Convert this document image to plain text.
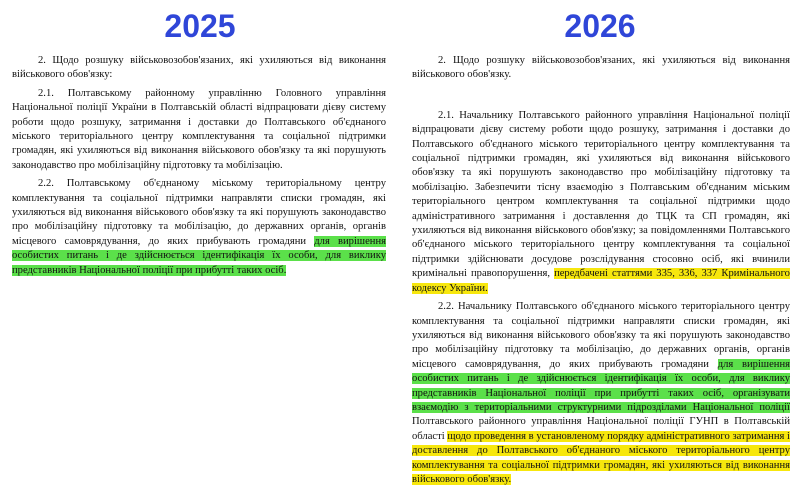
2025

2. Щодо розшуку військовозобов'язаних, які ухиляються від виконання військового обов'язку:

2.1. Полтавському районному управлінню Головного управління Національної поліції України в Полтавській області відпрацювати дієву систему роботи щодо розшуку, затримання і доставки до Полтавського об'єднаного міського територіального центру комплектування та соціальної підтримки громадян, які ухиляються від виконання військового обов'язку та які порушують законодавство про мобілізаційну підготовку та мобілізацію.

2.2. Полтавському об'єднаному міському територіальному центру комплектування та соціальної підтримки направляти списки громадян, які ухиляються від виконання військового обов'язку та які порушують законодавство про мобілізаційну підготовку та мобілізацію, до державних органів, органів місцевого самоврядування, до яких прибувають громадяни для вирішення особистих питань і де здійснюється ідентифікація їх особи, для виклику представників Національної поліції при прибутті таких осіб.

2026

2. Щодо розшуку військовозобов'язаних, які ухиляються від виконання військового обов'язку.

2.1. Начальнику Полтавського районного управління Національної поліції відпрацювати дієву систему роботи щодо розшуку, затримання і доставки до Полтавського об'єднаного міського територіального центру комплектування та соціальної підтримки громадян, які ухиляються від виконання військового обов'язку та які порушують законодавство про мобілізаційну підготовку та мобілізацію. Забезпечити тісну взаємодію з Полтавським об'єднаним міським територіального центром комплектування та соціальної підтримки щодо адміністративного затримання і доставлення до ТЦК та СП громадян, які ухиляються від виконання військового обов'язку; за повідомленнями Полтавського об'єднаного міського територіального центру комплектування та соціальної підтримки здійснювати досудове розслідування стосовно осіб, які вчинили кримінальні правопорушення, передбачені статтями 335, 336, 337 Кримінального кодексу України.

2.2. Начальнику Полтавського об'єднаного міського територіального центру комплектування та соціальної підтримки направляти списки громадян, які ухиляються від виконання військового обов'язку та які порушують законодавство про мобілізаційну підготовку та мобілізацію, до державних органів, органів місцевого самоврядування, до яких прибувають громадяни для вирішення особистих питань і де здійснюється ідентифікація їх особи, для виклику представників Національної поліції при прибутті таких осіб, організувати взаємодію з територіальними структурними підрозділами Національної поліції Полтавського районного управління Національної поліції ГУНП в Полтавській області щодо проведення в установленому порядку адміністративного затримання і доставлення до Полтавського об'єднаного міського територіального центру комплектування та соціальної підтримки громадян, які ухиляються від виконання військового обов'язку.
